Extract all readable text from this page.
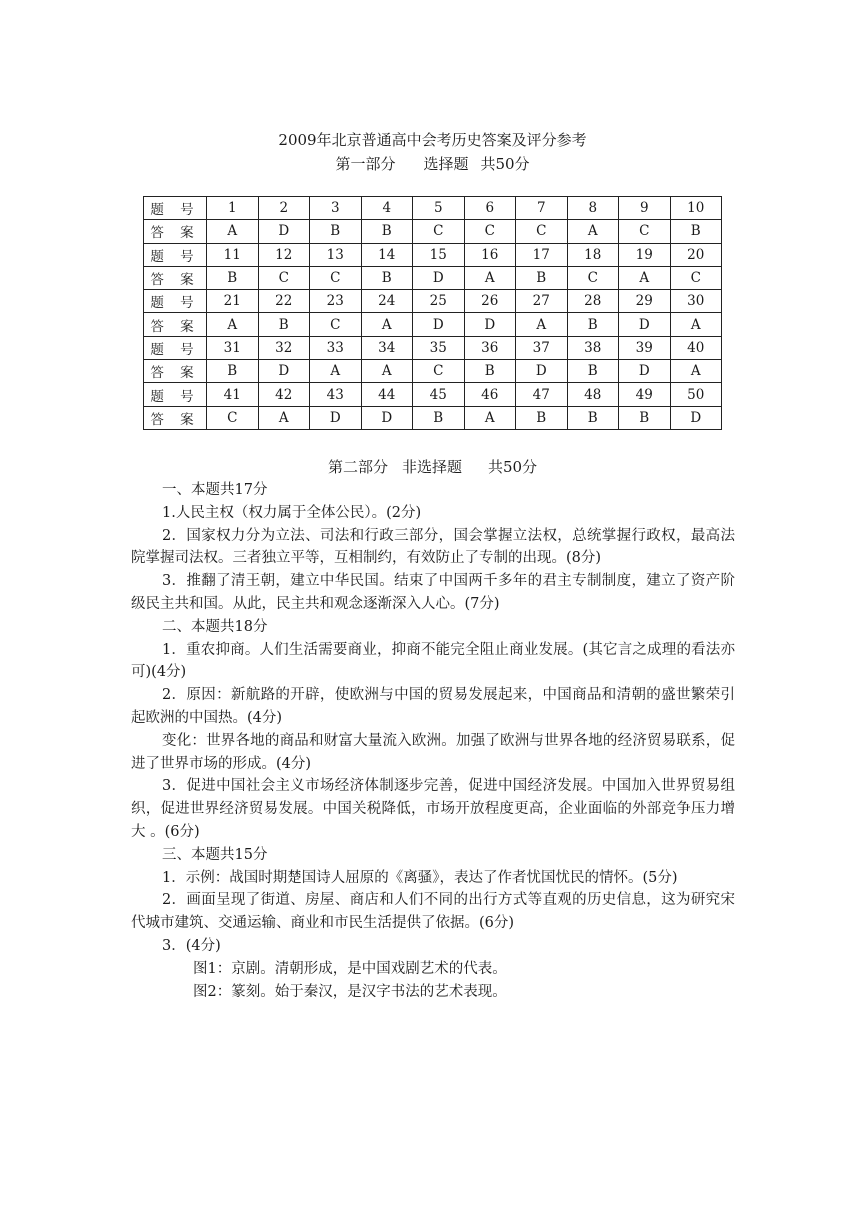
2009年北京普通高中会考历史答案及评分参考
第一部分 选择题 共50分
题 号	1	2	3	4	5	6	7	8	9	10
答 案	A	D	B	B	C	C	C	A	C	B
题 号	11	12	13	14	15	16	17	18	19	20
答 案	B	C	C	B	D	A	B	C	A	C
题 号	21	22	23	24	25	26	27	28	29	30
答 案	A	B	C	A	D	D	A	B	D	A
题 号	31	32	33	34	35	36	37	38	39	40
答 案	B	D	A	A	C	B	D	B	D	A
题 号	41	42	43	44	45	46	47	48	49	50
答 案	C	A	D	D	B	A	B	B	B	D
第二部分 非选择题 共50分

一、本题共17分

1.人民主权（权力属于全体公民）。(2分)

2．国家权力分为立法、司法和行政三部分，国会掌握立法权，总统掌握行政权，最高法院掌握司法权。三者独立平等，互相制约，有效防止了专制的出现。(8分)

3．推翻了清王朝，建立中华民国。结束了中国两千多年的君主专制制度，建立了资产阶级民主共和国。从此，民主共和观念逐渐深入人心。(7分)

二、本题共18分

1．重农抑商。人们生活需要商业，抑商不能完全阻止商业发展。(其它言之成理的看法亦可)(4分)

2．原因：新航路的开辟，使欧洲与中国的贸易发展起来，中国商品和清朝的盛世繁荣引起欧洲的中国热。(4分)

变化：世界各地的商品和财富大量流入欧洲。加强了欧洲与世界各地的经济贸易联系，促进了世界市场的形成。(4分)

3．促进中国社会主义市场经济体制逐步完善，促进中国经济发展。中国加入世界贸易组织，促进世界经济贸易发展。中国关税降低，市场开放程度更高，企业面临的外部竞争压力增大 。(6分)

三、本题共15分

1．示例：战国时期楚国诗人屈原的《离骚》，表达了作者忧国忧民的情怀。(5分)

2．画面呈现了街道、房屋、商店和人们不同的出行方式等直观的历史信息，这为研究宋代城市建筑、交通运输、商业和市民生活提供了依据。(6分)

3．(4分)

图1：京剧。清朝形成，是中国戏剧艺术的代表。

图2：篆刻。始于秦汉，是汉字书法的艺术表现。
